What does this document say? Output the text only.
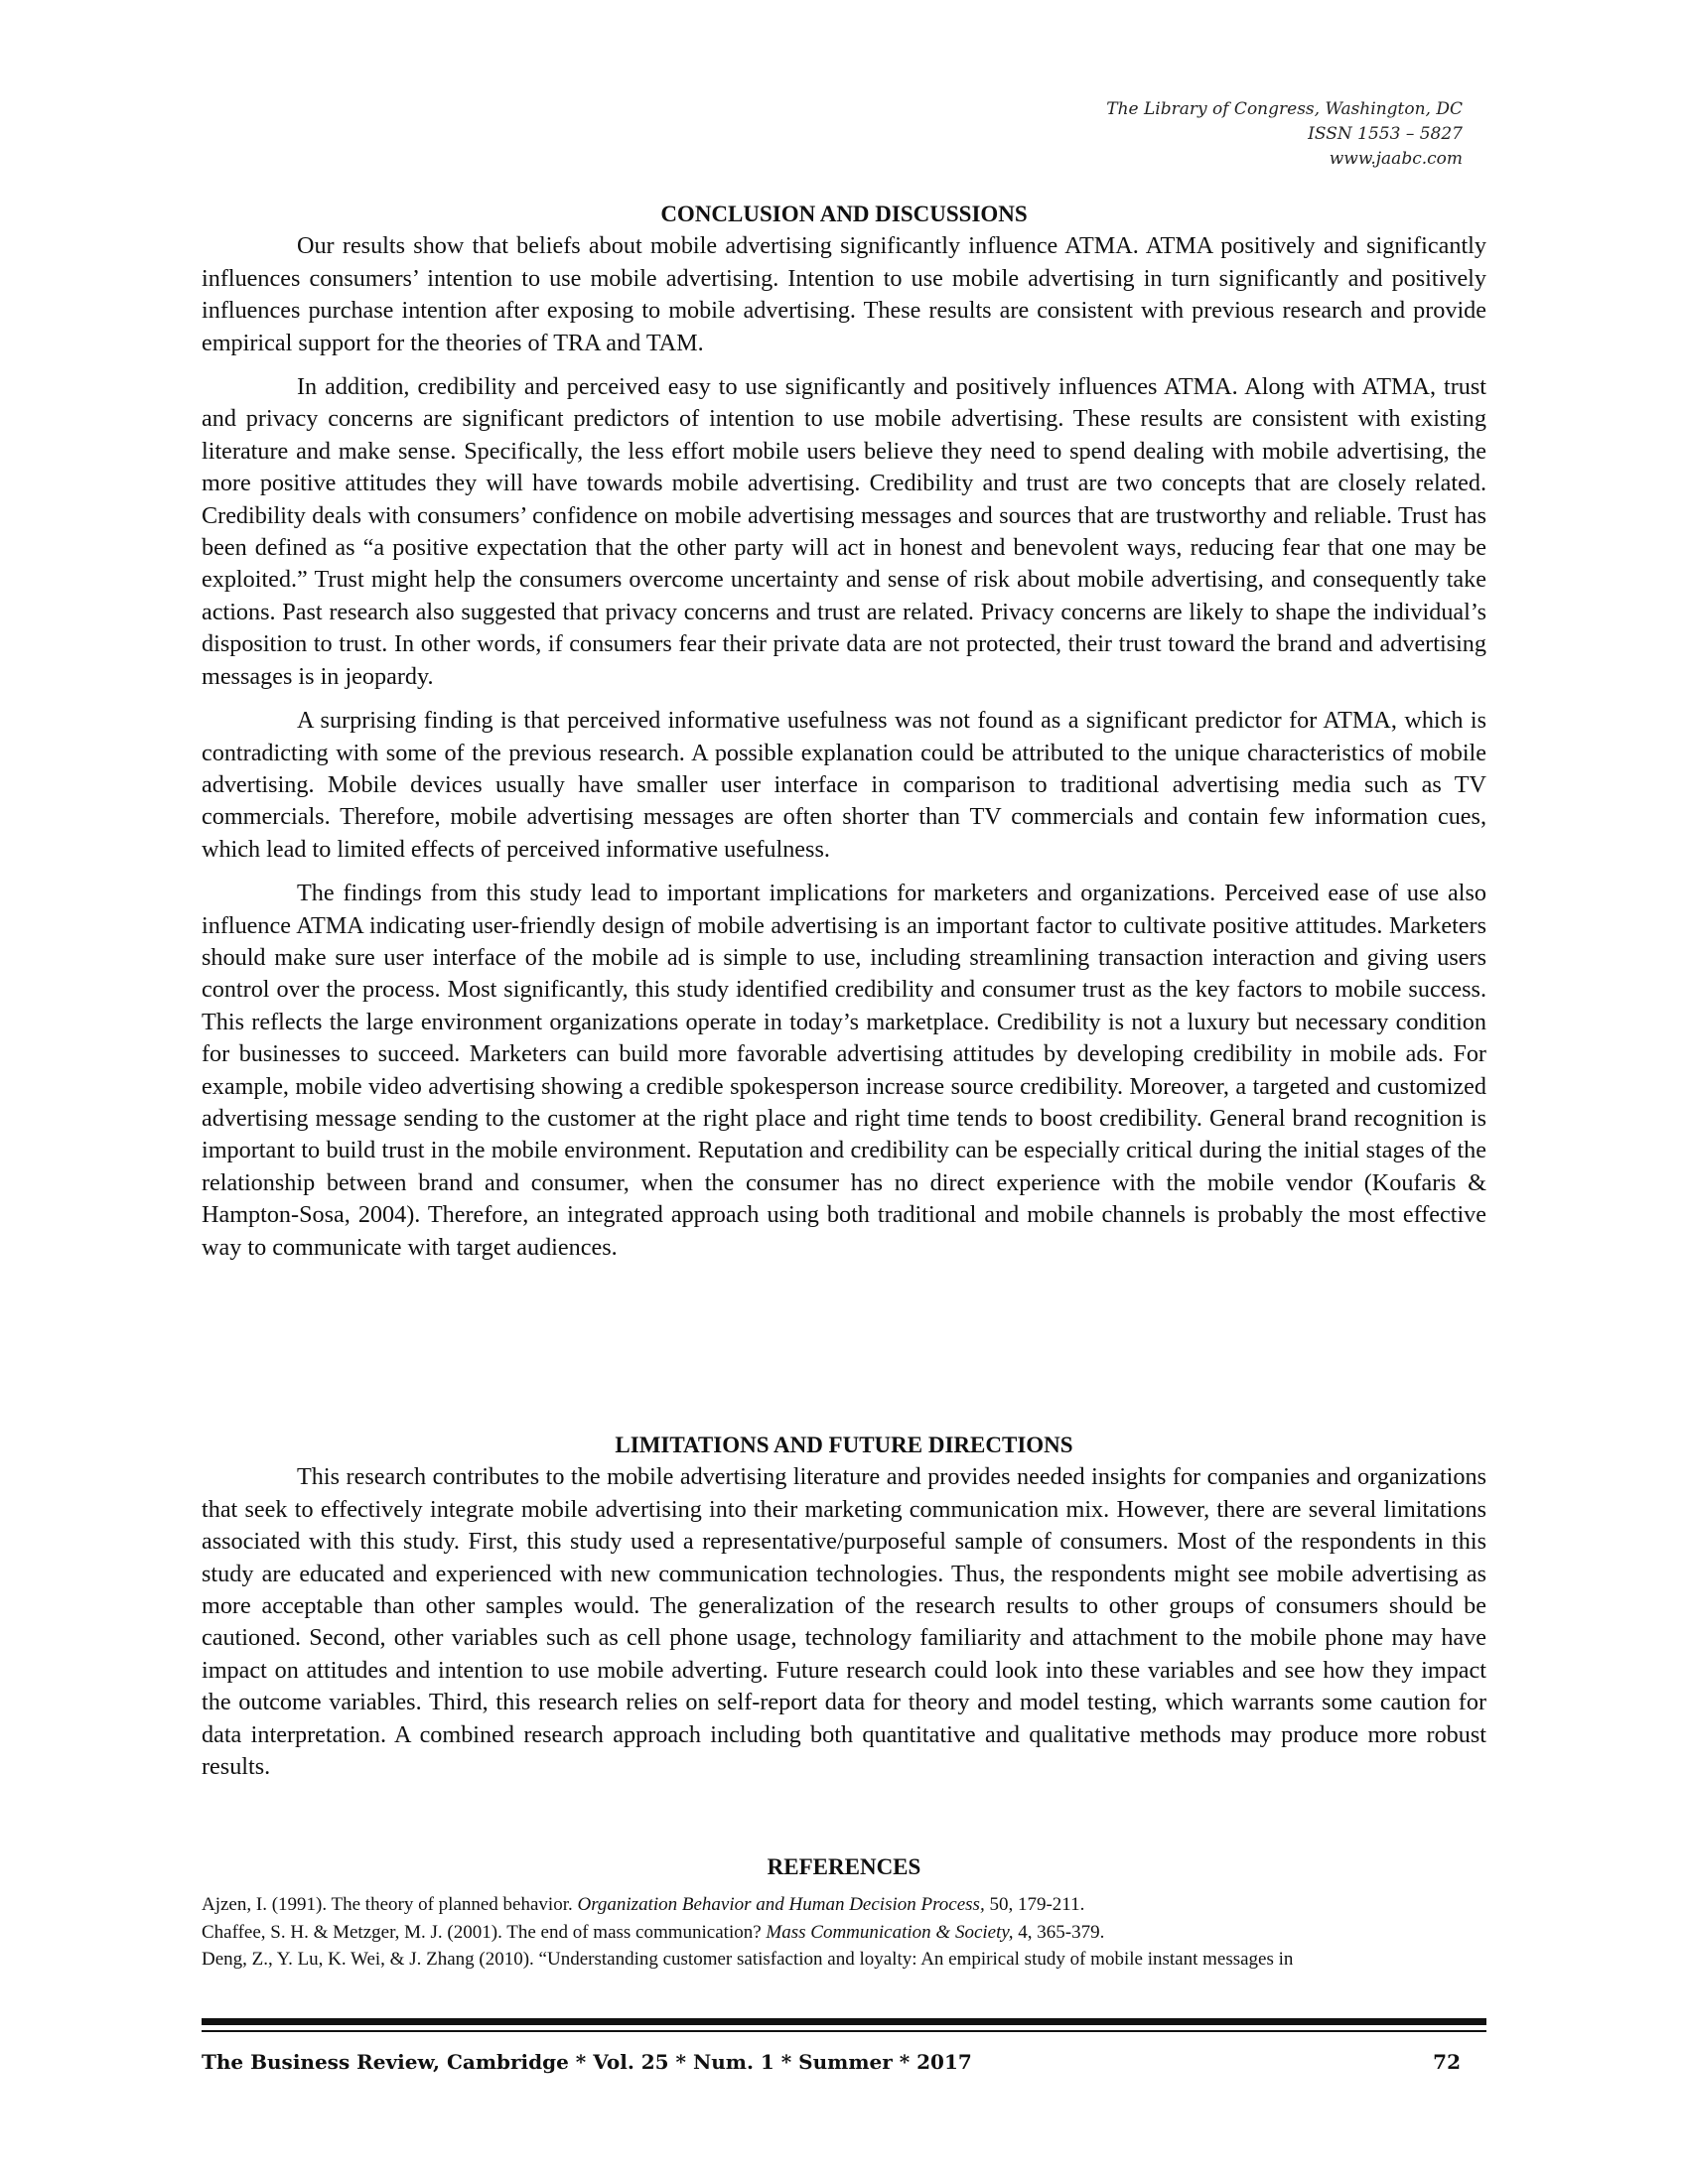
The Library of Congress, Washington, DC
ISSN 1553 – 5827
www.jaabc.com
CONCLUSION AND DISCUSSIONS

Our results show that beliefs about mobile advertising significantly influence ATMA. ATMA positively and significantly influences consumers’ intention to use mobile advertising. Intention to use mobile advertising in turn significantly and positively influences purchase intention after exposing to mobile advertising. These results are consistent with previous research and provide empirical support for the theories of TRA and TAM.

In addition, credibility and perceived easy to use significantly and positively influences ATMA. Along with ATMA, trust and privacy concerns are significant predictors of intention to use mobile advertising. These results are consistent with existing literature and make sense. Specifically, the less effort mobile users believe they need to spend dealing with mobile advertising, the more positive attitudes they will have towards mobile advertising. Credibility and trust are two concepts that are closely related. Credibility deals with consumers’ confidence on mobile advertising messages and sources that are trustworthy and reliable. Trust has been defined as “a positive expectation that the other party will act in honest and benevolent ways, reducing fear that one may be exploited.” Trust might help the consumers overcome uncertainty and sense of risk about mobile advertising, and consequently take actions. Past research also suggested that privacy concerns and trust are related. Privacy concerns are likely to shape the individual’s disposition to trust. In other words, if consumers fear their private data are not protected, their trust toward the brand and advertising messages is in jeopardy.

A surprising finding is that perceived informative usefulness was not found as a significant predictor for ATMA, which is contradicting with some of the previous research. A possible explanation could be attributed to the unique characteristics of mobile advertising. Mobile devices usually have smaller user interface in comparison to traditional advertising media such as TV commercials. Therefore, mobile advertising messages are often shorter than TV commercials and contain few information cues, which lead to limited effects of perceived informative usefulness.

The findings from this study lead to important implications for marketers and organizations. Perceived ease of use also influence ATMA indicating user-friendly design of mobile advertising is an important factor to cultivate positive attitudes. Marketers should make sure user interface of the mobile ad is simple to use, including streamlining transaction interaction and giving users control over the process. Most significantly, this study identified credibility and consumer trust as the key factors to mobile success. This reflects the large environment organizations operate in today’s marketplace. Credibility is not a luxury but necessary condition for businesses to succeed. Marketers can build more favorable advertising attitudes by developing credibility in mobile ads. For example, mobile video advertising showing a credible spokesperson increase source credibility. Moreover, a targeted and customized advertising message sending to the customer at the right place and right time tends to boost credibility. General brand recognition is important to build trust in the mobile environment. Reputation and credibility can be especially critical during the initial stages of the relationship between brand and consumer, when the consumer has no direct experience with the mobile vendor (Koufaris & Hampton-Sosa, 2004). Therefore, an integrated approach using both traditional and mobile channels is probably the most effective way to communicate with target audiences.

LIMITATIONS AND FUTURE DIRECTIONS

This research contributes to the mobile advertising literature and provides needed insights for companies and organizations that seek to effectively integrate mobile advertising into their marketing communication mix. However, there are several limitations associated with this study. First, this study used a representative/purposeful sample of consumers. Most of the respondents in this study are educated and experienced with new communication technologies. Thus, the respondents might see mobile advertising as more acceptable than other samples would. The generalization of the research results to other groups of consumers should be cautioned. Second, other variables such as cell phone usage, technology familiarity and attachment to the mobile phone may have impact on attitudes and intention to use mobile adverting. Future research could look into these variables and see how they impact the outcome variables. Third, this research relies on self-report data for theory and model testing, which warrants some caution for data interpretation. A combined research approach including both quantitative and qualitative methods may produce more robust results.

REFERENCES

Ajzen, I. (1991). The theory of planned behavior. Organization Behavior and Human Decision Process, 50, 179-211.

Chaffee, S. H. & Metzger, M. J. (2001). The end of mass communication? Mass Communication & Society, 4, 365-379.

Deng, Z., Y. Lu, K. Wei, & J. Zhang (2010). “Understanding customer satisfaction and loyalty: An empirical study of mobile instant messages in

The Business Review, Cambridge * Vol. 25 * Num. 1 * Summer * 2017	72
